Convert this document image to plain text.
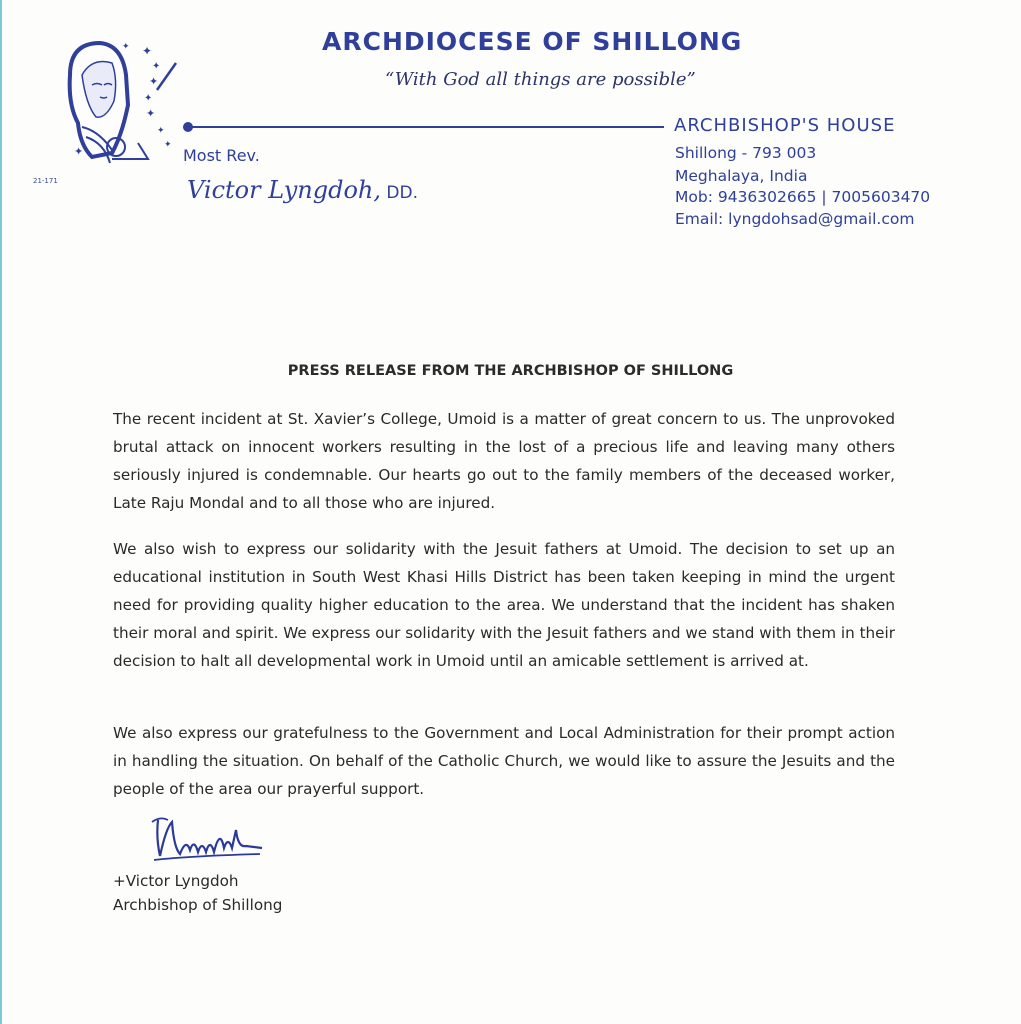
✦
✦
✦
✦
✦
✦
✦
✦
✦
21-171
ARCHDIOCESE OF SHILLONG
“With God all things are possible”
ARCHBISHOP'S HOUSE
Shillong - 793 003
Meghalaya, India
Mob: 9436302665 | 7005603470
Email: lyngdohsad@gmail.com
Most Rev.
Victor Lyngdoh, DD.
PRESS RELEASE FROM THE ARCHBISHOP OF SHILLONG

The recent incident at St. Xavier’s College, Umoid is a matter of great concern to us. The unprovoked brutal attack on innocent workers resulting in the lost of a precious life and leaving many others seriously injured is condemnable. Our hearts go out to the family members of the deceased worker, Late Raju Mondal and to all those who are injured.

We also wish to express our solidarity with the Jesuit fathers at Umoid. The decision to set up an educational institution in South West Khasi Hills District has been taken keeping in mind the urgent need for providing quality higher education to the area. We understand that the incident has shaken their moral and spirit. We express our solidarity with the Jesuit fathers and we stand with them in their decision to halt all developmental work in Umoid until an amicable settlement is arrived at.

We also express our gratefulness to the Government and Local Administration for their prompt action in handling the situation. On behalf of the Catholic Church, we would like to assure the Jesuits and the people of the area our prayerful support.

+Victor Lyngdoh
Archbishop of Shillong
